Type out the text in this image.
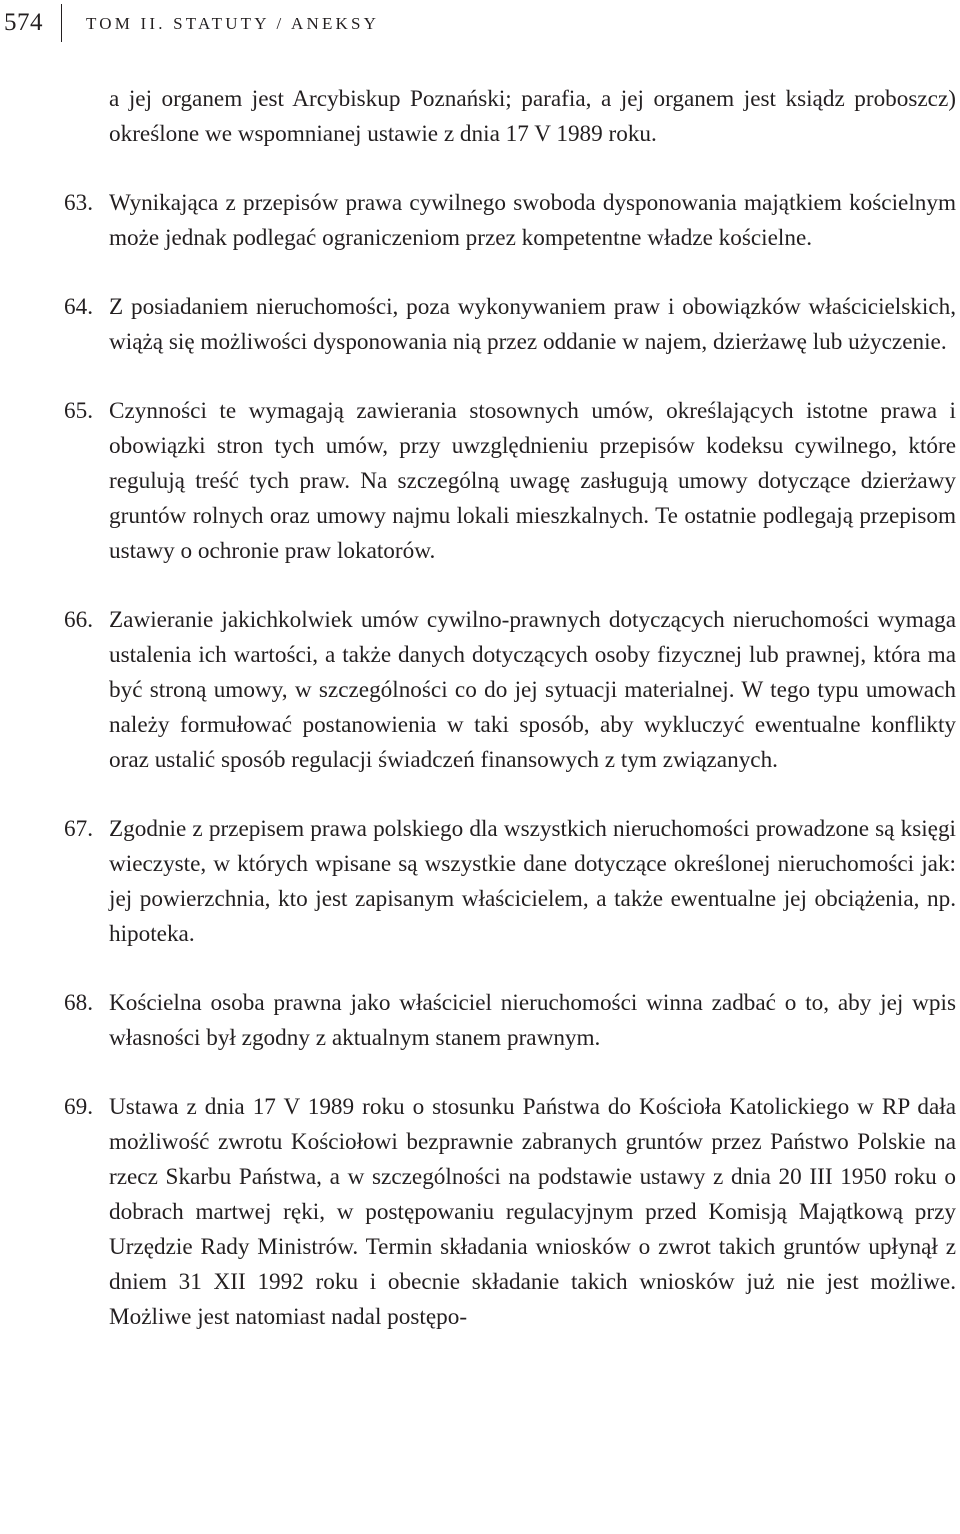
574	TOM II. STATUTY / ANEKSY

a jej organem jest Arcybiskup Poznański; parafia, a jej organem jest ksiądz proboszcz) określone we wspomnianej ustawie z dnia 17 V 1989 roku.

63. Wynikająca z przepisów prawa cywilnego swoboda dysponowania majątkiem kościelnym może jednak podlegać ograniczeniom przez kompetentne władze kościelne.

64. Z posiadaniem nieruchomości, poza wykonywaniem praw i obowiązków właścicielskich, wiążą się możliwości dysponowania nią przez oddanie w najem, dzierżawę lub użyczenie.

65. Czynności te wymagają zawierania stosownych umów, określających istotne prawa i obowiązki stron tych umów, przy uwzględnieniu przepisów kodeksu cywilnego, które regulują treść tych praw. Na szczególną uwagę zasługują umowy dotyczące dzierżawy gruntów rolnych oraz umowy najmu lokali mieszkalnych. Te ostatnie podlegają przepisom ustawy o ochronie praw lokatorów.

66. Zawieranie jakichkolwiek umów cywilno-prawnych dotyczących nieruchomości wymaga ustalenia ich wartości, a także danych dotyczących osoby fizycznej lub prawnej, która ma być stroną umowy, w szczególności co do jej sytuacji materialnej. W tego typu umowach należy formułować postanowienia w taki sposób, aby wykluczyć ewentualne konflikty oraz ustalić sposób regulacji świadczeń finansowych z tym związanych.

67. Zgodnie z przepisem prawa polskiego dla wszystkich nieruchomości prowadzone są księgi wieczyste, w których wpisane są wszystkie dane dotyczące określonej nieruchomości jak: jej powierzchnia, kto jest zapisanym właścicielem, a także ewentualne jej obciążenia, np. hipoteka.

68. Kościelna osoba prawna jako właściciel nieruchomości winna zadbać o to, aby jej wpis własności był zgodny z aktualnym stanem prawnym.

69. Ustawa z dnia 17 V 1989 roku o stosunku Państwa do Kościoła Katolickiego w RP dała możliwość zwrotu Kościołowi bezprawnie zabranych gruntów przez Państwo Polskie na rzecz Skarbu Państwa, a w szczególności na podstawie ustawy z dnia 20 III 1950 roku o dobrach martwej ręki, w postępowaniu regulacyjnym przed Komisją Majątkową przy Urzędzie Rady Ministrów. Termin składania wniosków o zwrot takich gruntów upłynął z dniem 31 XII 1992 roku i obecnie składanie takich wniosków już nie jest możliwe. Możliwe jest natomiast nadal postępo-
